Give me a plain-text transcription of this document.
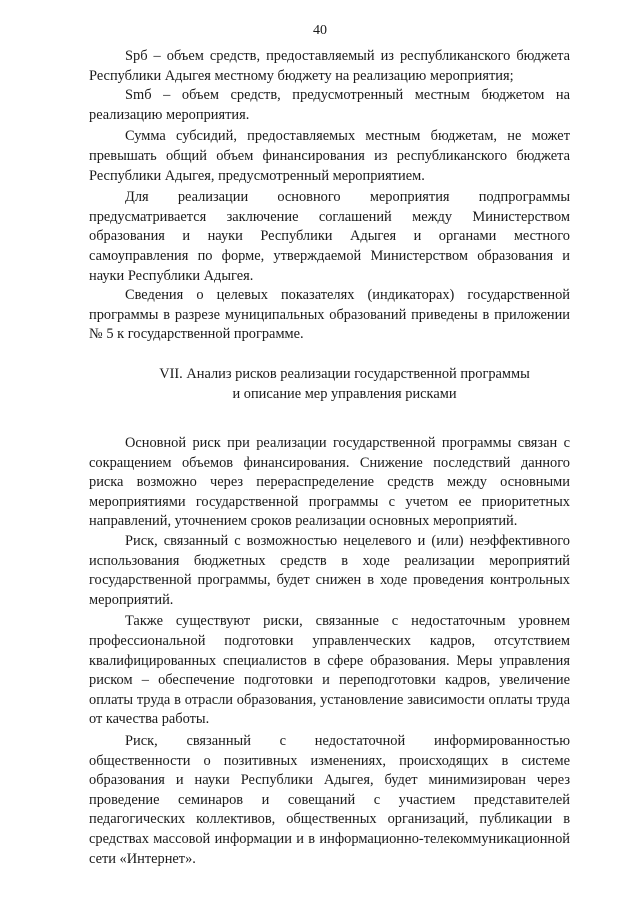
40

Spб – объем средств, предоставляемый из республиканского бюджета Республики Адыгея местному бюджету на реализацию мероприятия;

Smб – объем средств, предусмотренный местным бюджетом на реализацию мероприятия.

Сумма субсидий, предоставляемых местным бюджетам, не может превышать общий объем финансирования из республиканского бюджета Республики Адыгея, предусмотренный мероприятием.

Для реализации основного мероприятия подпрограммы предусматривается заключение соглашений между Министерством образования и науки Республики Адыгея и органами местного самоуправления по форме, утверждаемой Министерством образования и науки Республики Адыгея.

Сведения о целевых показателях (индикаторах) государственной программы в разрезе муниципальных образований приведены в приложении № 5 к государственной программе.

VII. Анализ рисков реализации государственной программы
и описание мер управления рисками

Основной риск при реализации государственной программы связан с сокращением объемов финансирования. Снижение последствий данного риска возможно через перераспределение средств между основными мероприятиями государственной программы с учетом ее приоритетных направлений, уточнением сроков реализации основных мероприятий.

Риск, связанный с возможностью нецелевого и (или) неэффективного использования бюджетных средств в ходе реализации мероприятий государственной программы, будет снижен в ходе проведения контрольных мероприятий.

Также существуют риски, связанные с недостаточным уровнем профессиональной подготовки управленческих кадров, отсутствием квалифицированных специалистов в сфере образования. Меры управления риском – обеспечение подготовки и переподготовки кадров, увеличение оплаты труда в отрасли образования, установление зависимости оплаты труда от качества работы.

Риск, связанный с недостаточной информированностью общественности о позитивных изменениях, происходящих в системе образования и науки Республики Адыгея, будет минимизирован через проведение семинаров и совещаний с участием представителей педагогических коллективов, общественных организаций, публикации в средствах массовой информации и в информационно-телекоммуникационной сети «Интернет».
